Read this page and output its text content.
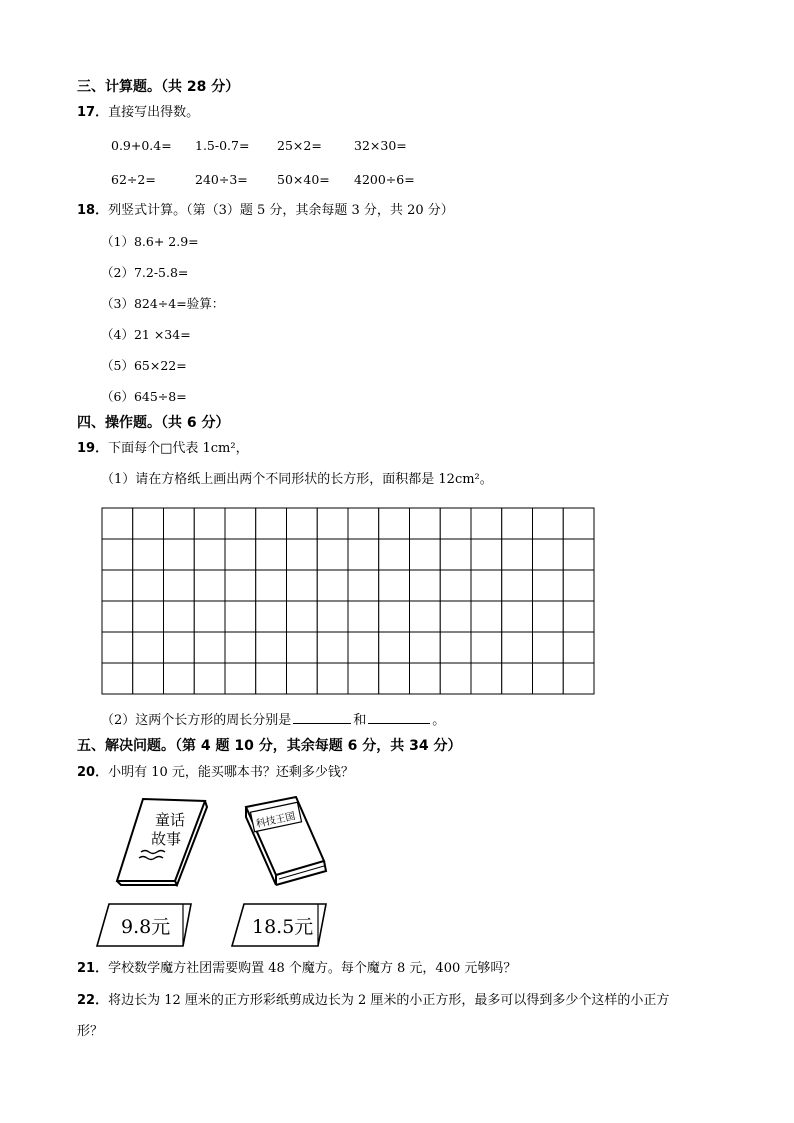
三、计算题。（共 28 分）
17．直接写出得数。
0.9+0.4= 1.5-0.7= 25×2=	32×30=
62÷2=	240÷3= 50×40= 4200÷6=
18．列竖式计算。（第（3）题 5 分，其余每题 3 分，共 20 分）
（1）8.6+ 2.9=
（2）7.2-5.8=
（3）824÷4=验算：
（4）21 ×34=
（5）65×22=
（6）645÷8=
四、操作题。（共 6 分）
19．下面每个□代表 1cm²，
（1）请在方格纸上画出两个不同形状的长方形，面积都是 12cm²。
（2）这两个长方形的周长分别是	和	。
五、解决问题。（第 4 题 10 分，其余每题 6 分，共 34 分）
20．小明有 10 元，能买哪本书？还剩多少钱？
童话
故事
科技王国
9.8元	18.5元
21．学校数学魔方社团需要购置 48 个魔方。每个魔方 8 元，400 元够吗？
22．将边长为 12 厘米的正方形彩纸剪成边长为 2 厘米的小正方形，最多可以得到多少个这样的小正方
形？
